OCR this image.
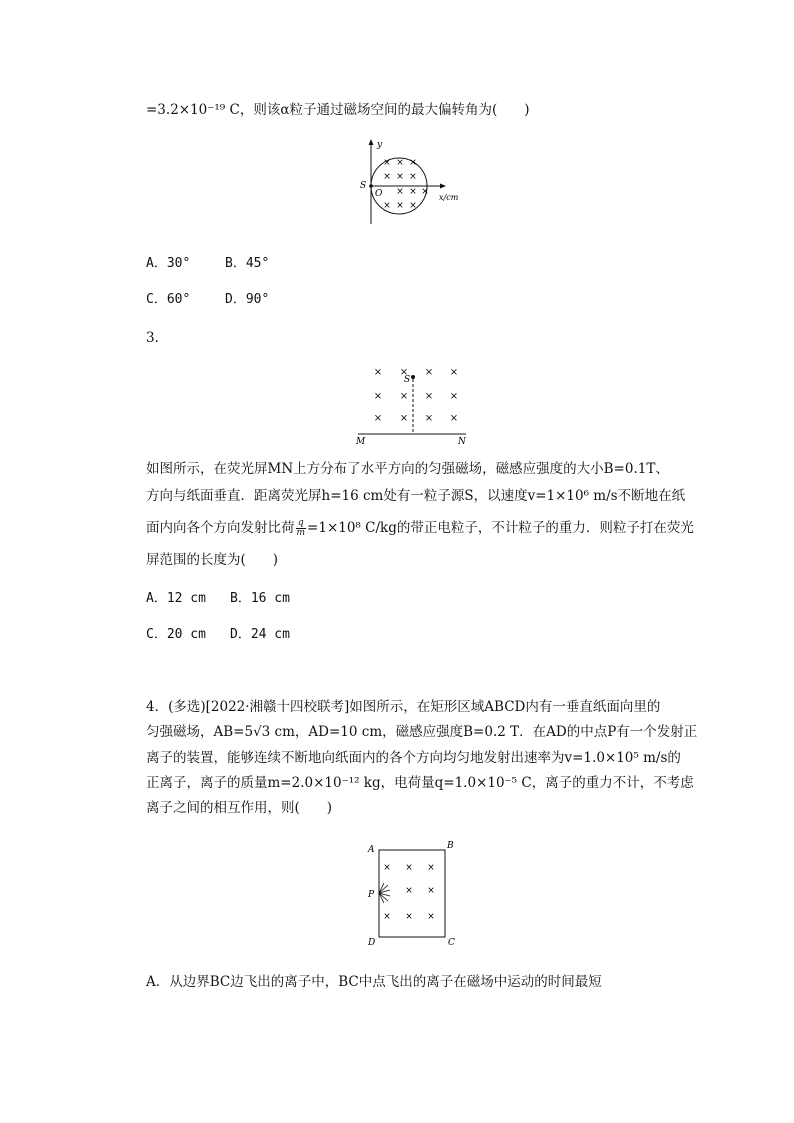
=3.2×10⁻¹⁹ C，则该α粒子通过磁场空间的最大偏转角为(　　)
y
S
O	x/cm
× × ×
× × ×
× × ×
× × ×
A．30°	B．45°
C．60°	D．90°
3.
× × × ×
× × × ×
× × × ×
S
M	N
如图所示，在荧光屏MN上方分布了水平方向的匀强磁场，磁感应强度的大小B=0.1T、
方向与纸面垂直．距离荧光屏h=16 cm处有一粒子源S，以速度v=1×10⁶ m/s不断地在纸
面内向各个方向发射比荷 $\frac{q}{m} =1\times 10^8$ C/kg的带正电粒子，不计粒子的重力．则粒子打在荧光
屏范围的长度为(　　)
A．12 cm B．16 cm
C．20 cm D．24 cm
4．(多选)[2022·湘赣十四校联考]如图所示，在矩形区域ABCD内有一垂直纸面向里的
匀强磁场，AB=5√3 cm，AD=10 cm，磁感应强度B=0.2 T．在AD的中点P有一个发射正
离子的装置，能够连续不断地向纸面内的各个方向均匀地发射出速率为v=1.0×10⁵ m/s的
正离子，离子的质量m=2.0×10⁻¹² kg，电荷量q=1.0×10⁻⁵ C，离子的重力不计，不考虑
离子之间的相互作用，则(　　)
A	B
C
D
P
× × ×
× ×
× × ×
A．从边界BC边飞出的离子中，BC中点飞出的离子在磁场中运动的时间最短
